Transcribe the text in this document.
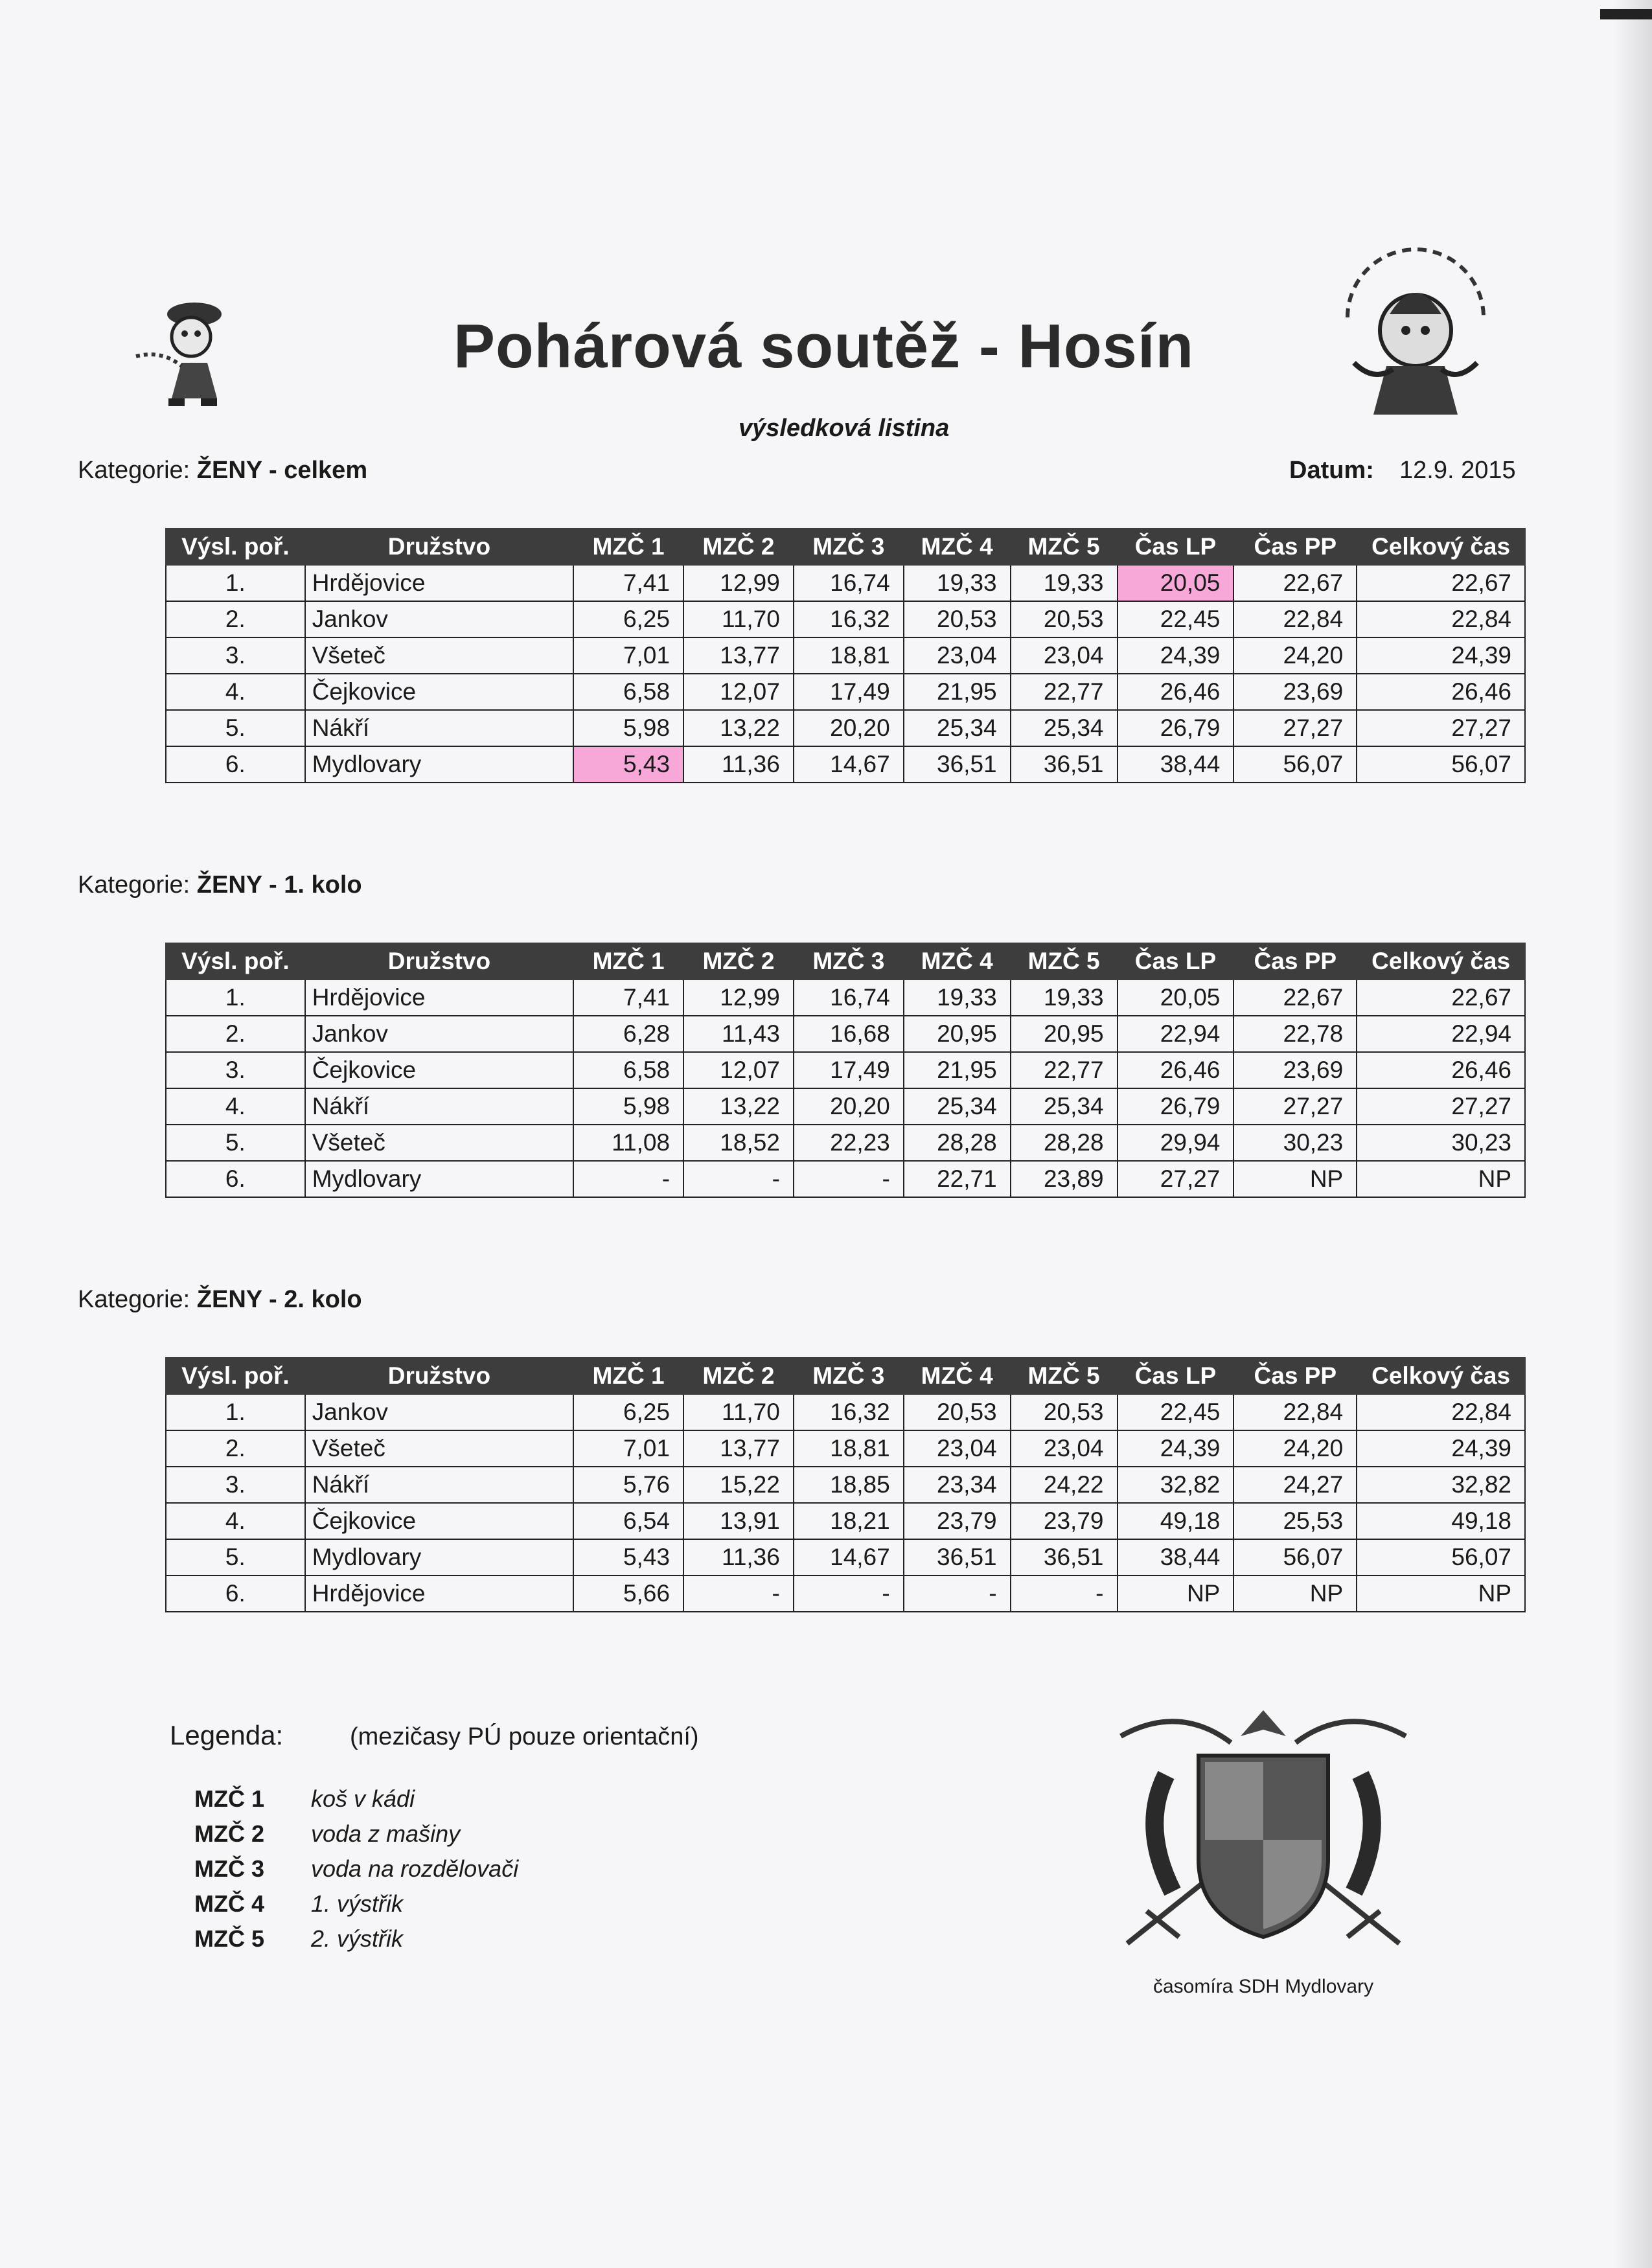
Pohárová soutěž - Hosín
výsledková listina
Datum: 12.9. 2015
Kategorie: ŽENY - celkem
Výsl. poř.	Družstvo	MZČ 1	MZČ 2	MZČ 3	MZČ 4	MZČ 5	Čas LP	Čas PP	Celkový čas
1.	Hrdějovice	7,41	12,99	16,74	19,33	19,33	20,05	22,67	22,67
2.	Jankov	6,25	11,70	16,32	20,53	20,53	22,45	22,84	22,84
3.	Všeteč	7,01	13,77	18,81	23,04	23,04	24,39	24,20	24,39
4.	Čejkovice	6,58	12,07	17,49	21,95	22,77	26,46	23,69	26,46
5.	Nákří	5,98	13,22	20,20	25,34	25,34	26,79	27,27	27,27
6.	Mydlovary	5,43	11,36	14,67	36,51	36,51	38,44	56,07	56,07
Kategorie: ŽENY - 1. kolo
Výsl. poř.	Družstvo	MZČ 1	MZČ 2	MZČ 3	MZČ 4	MZČ 5	Čas LP	Čas PP	Celkový čas
1.	Hrdějovice	7,41	12,99	16,74	19,33	19,33	20,05	22,67	22,67
2.	Jankov	6,28	11,43	16,68	20,95	20,95	22,94	22,78	22,94
3.	Čejkovice	6,58	12,07	17,49	21,95	22,77	26,46	23,69	26,46
4.	Nákří	5,98	13,22	20,20	25,34	25,34	26,79	27,27	27,27
5.	Všeteč	11,08	18,52	22,23	28,28	28,28	29,94	30,23	30,23
6.	Mydlovary	-	-	-	22,71	23,89	27,27	NP	NP
Kategorie: ŽENY - 2. kolo
Výsl. poř.	Družstvo	MZČ 1	MZČ 2	MZČ 3	MZČ 4	MZČ 5	Čas LP	Čas PP	Celkový čas
1.	Jankov	6,25	11,70	16,32	20,53	20,53	22,45	22,84	22,84
2.	Všeteč	7,01	13,77	18,81	23,04	23,04	24,39	24,20	24,39
3.	Nákří	5,76	15,22	18,85	23,34	24,22	32,82	24,27	32,82
4.	Čejkovice	6,54	13,91	18,21	23,79	23,79	49,18	25,53	49,18
5.	Mydlovary	5,43	11,36	14,67	36,51	36,51	38,44	56,07	56,07
6.	Hrdějovice	5,66	-	-	-	-	NP	NP	NP
Legenda:	(mezičasy PÚ pouze orientační)
MZČ 1	koš v kádi
MZČ 2	voda z mašiny
MZČ 3	voda na rozdělovači
MZČ 4	1. výstřik
MZČ 5	2. výstřik
časomíra SDH Mydlovary
